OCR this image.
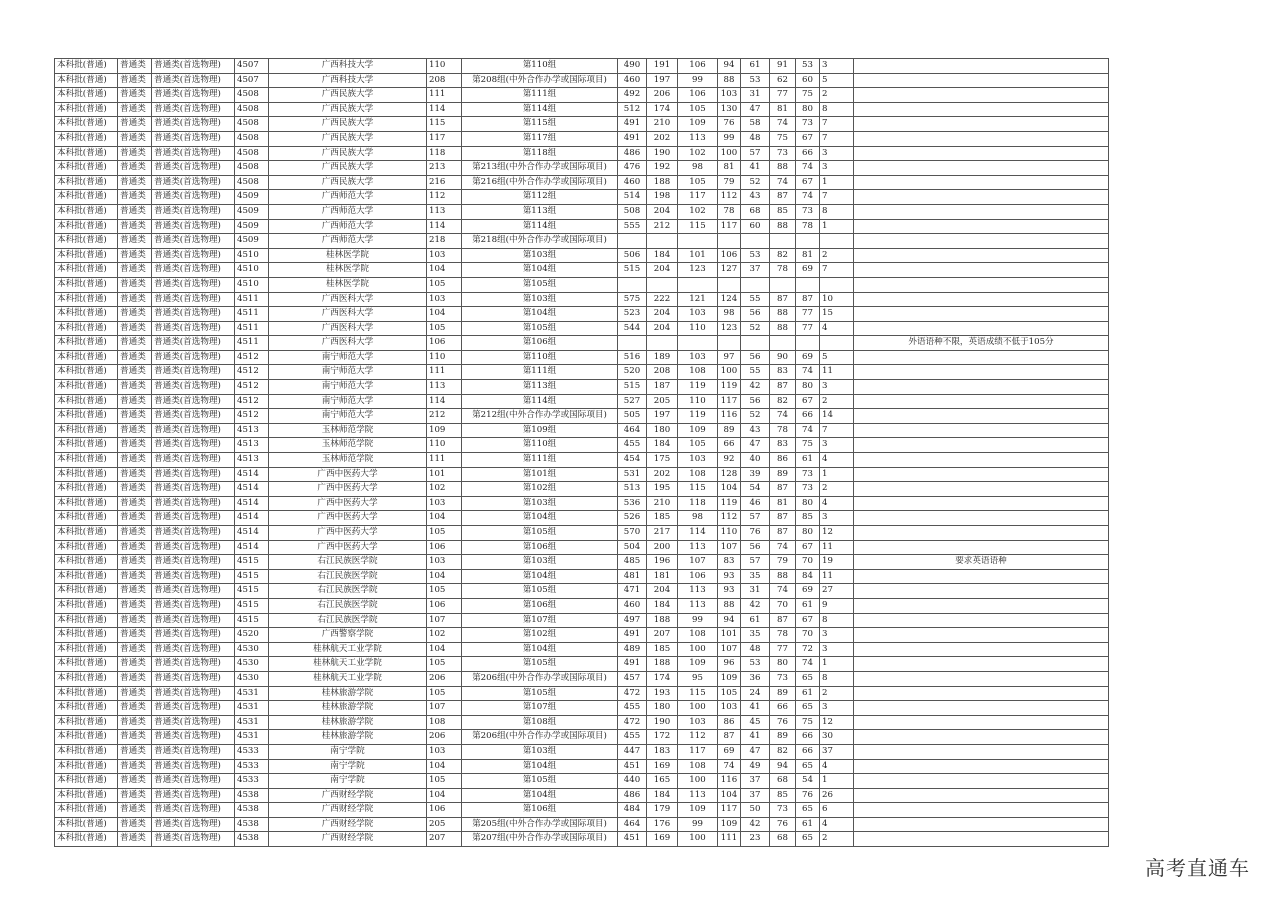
本科批(普通)	普通类	普通类(首选物理)	4507	广西科技大学	110	第110组	490	191	106	94	61	91	53	3	
本科批(普通)	普通类	普通类(首选物理)	4507	广西科技大学	208	第208组(中外合作办学或国际项目)	460	197	99	88	53	62	60	5	
本科批(普通)	普通类	普通类(首选物理)	4508	广西民族大学	111	第111组	492	206	106	103	31	77	75	2	
本科批(普通)	普通类	普通类(首选物理)	4508	广西民族大学	114	第114组	512	174	105	130	47	81	80	8	
本科批(普通)	普通类	普通类(首选物理)	4508	广西民族大学	115	第115组	491	210	109	76	58	74	73	7	
本科批(普通)	普通类	普通类(首选物理)	4508	广西民族大学	117	第117组	491	202	113	99	48	75	67	7	
本科批(普通)	普通类	普通类(首选物理)	4508	广西民族大学	118	第118组	486	190	102	100	57	73	66	3	
本科批(普通)	普通类	普通类(首选物理)	4508	广西民族大学	213	第213组(中外合作办学或国际项目)	476	192	98	81	41	88	74	3	
本科批(普通)	普通类	普通类(首选物理)	4508	广西民族大学	216	第216组(中外合作办学或国际项目)	460	188	105	79	52	74	67	1	
本科批(普通)	普通类	普通类(首选物理)	4509	广西师范大学	112	第112组	514	198	117	112	43	87	74	7	
本科批(普通)	普通类	普通类(首选物理)	4509	广西师范大学	113	第113组	508	204	102	78	68	85	73	8	
本科批(普通)	普通类	普通类(首选物理)	4509	广西师范大学	114	第114组	555	212	115	117	60	88	78	1	
本科批(普通)	普通类	普通类(首选物理)	4509	广西师范大学	218	第218组(中外合作办学或国际项目)									
本科批(普通)	普通类	普通类(首选物理)	4510	桂林医学院	103	第103组	506	184	101	106	53	82	81	2	
本科批(普通)	普通类	普通类(首选物理)	4510	桂林医学院	104	第104组	515	204	123	127	37	78	69	7	
本科批(普通)	普通类	普通类(首选物理)	4510	桂林医学院	105	第105组									
本科批(普通)	普通类	普通类(首选物理)	4511	广西医科大学	103	第103组	575	222	121	124	55	87	87	10	
本科批(普通)	普通类	普通类(首选物理)	4511	广西医科大学	104	第104组	523	204	103	98	56	88	77	15	
本科批(普通)	普通类	普通类(首选物理)	4511	广西医科大学	105	第105组	544	204	110	123	52	88	77	4	
本科批(普通)	普通类	普通类(首选物理)	4511	广西医科大学	106	第106组									外语语种不限，英语成绩不低于105分
本科批(普通)	普通类	普通类(首选物理)	4512	南宁师范大学	110	第110组	516	189	103	97	56	90	69	5	
本科批(普通)	普通类	普通类(首选物理)	4512	南宁师范大学	111	第111组	520	208	108	100	55	83	74	11	
本科批(普通)	普通类	普通类(首选物理)	4512	南宁师范大学	113	第113组	515	187	119	119	42	87	80	3	
本科批(普通)	普通类	普通类(首选物理)	4512	南宁师范大学	114	第114组	527	205	110	117	56	82	67	2	
本科批(普通)	普通类	普通类(首选物理)	4512	南宁师范大学	212	第212组(中外合作办学或国际项目)	505	197	119	116	52	74	66	14	
本科批(普通)	普通类	普通类(首选物理)	4513	玉林师范学院	109	第109组	464	180	109	89	43	78	74	7	
本科批(普通)	普通类	普通类(首选物理)	4513	玉林师范学院	110	第110组	455	184	105	66	47	83	75	3	
本科批(普通)	普通类	普通类(首选物理)	4513	玉林师范学院	111	第111组	454	175	103	92	40	86	61	4	
本科批(普通)	普通类	普通类(首选物理)	4514	广西中医药大学	101	第101组	531	202	108	128	39	89	73	1	
本科批(普通)	普通类	普通类(首选物理)	4514	广西中医药大学	102	第102组	513	195	115	104	54	87	73	2	
本科批(普通)	普通类	普通类(首选物理)	4514	广西中医药大学	103	第103组	536	210	118	119	46	81	80	4	
本科批(普通)	普通类	普通类(首选物理)	4514	广西中医药大学	104	第104组	526	185	98	112	57	87	85	3	
本科批(普通)	普通类	普通类(首选物理)	4514	广西中医药大学	105	第105组	570	217	114	110	76	87	80	12	
本科批(普通)	普通类	普通类(首选物理)	4514	广西中医药大学	106	第106组	504	200	113	107	56	74	67	11	
本科批(普通)	普通类	普通类(首选物理)	4515	右江民族医学院	103	第103组	485	196	107	83	57	79	70	19	要求英语语种
本科批(普通)	普通类	普通类(首选物理)	4515	右江民族医学院	104	第104组	481	181	106	93	35	88	84	11	
本科批(普通)	普通类	普通类(首选物理)	4515	右江民族医学院	105	第105组	471	204	113	93	31	74	69	27	
本科批(普通)	普通类	普通类(首选物理)	4515	右江民族医学院	106	第106组	460	184	113	88	42	70	61	9	
本科批(普通)	普通类	普通类(首选物理)	4515	右江民族医学院	107	第107组	497	188	99	94	61	87	67	8	
本科批(普通)	普通类	普通类(首选物理)	4520	广西警察学院	102	第102组	491	207	108	101	35	78	70	3	
本科批(普通)	普通类	普通类(首选物理)	4530	桂林航天工业学院	104	第104组	489	185	100	107	48	77	72	3	
本科批(普通)	普通类	普通类(首选物理)	4530	桂林航天工业学院	105	第105组	491	188	109	96	53	80	74	1	
本科批(普通)	普通类	普通类(首选物理)	4530	桂林航天工业学院	206	第206组(中外合作办学或国际项目)	457	174	95	109	36	73	65	8	
本科批(普通)	普通类	普通类(首选物理)	4531	桂林旅游学院	105	第105组	472	193	115	105	24	89	61	2	
本科批(普通)	普通类	普通类(首选物理)	4531	桂林旅游学院	107	第107组	455	180	100	103	41	66	65	3	
本科批(普通)	普通类	普通类(首选物理)	4531	桂林旅游学院	108	第108组	472	190	103	86	45	76	75	12	
本科批(普通)	普通类	普通类(首选物理)	4531	桂林旅游学院	206	第206组(中外合作办学或国际项目)	455	172	112	87	41	89	66	30	
本科批(普通)	普通类	普通类(首选物理)	4533	南宁学院	103	第103组	447	183	117	69	47	82	66	37	
本科批(普通)	普通类	普通类(首选物理)	4533	南宁学院	104	第104组	451	169	108	74	49	94	65	4	
本科批(普通)	普通类	普通类(首选物理)	4533	南宁学院	105	第105组	440	165	100	116	37	68	54	1	
本科批(普通)	普通类	普通类(首选物理)	4538	广西财经学院	104	第104组	486	184	113	104	37	85	76	26	
本科批(普通)	普通类	普通类(首选物理)	4538	广西财经学院	106	第106组	484	179	109	117	50	73	65	6	
本科批(普通)	普通类	普通类(首选物理)	4538	广西财经学院	205	第205组(中外合作办学或国际项目)	464	176	99	109	42	76	61	4	
本科批(普通)	普通类	普通类(首选物理)	4538	广西财经学院	207	第207组(中外合作办学或国际项目)	451	169	100	111	23	68	65	2	
高考直通车
